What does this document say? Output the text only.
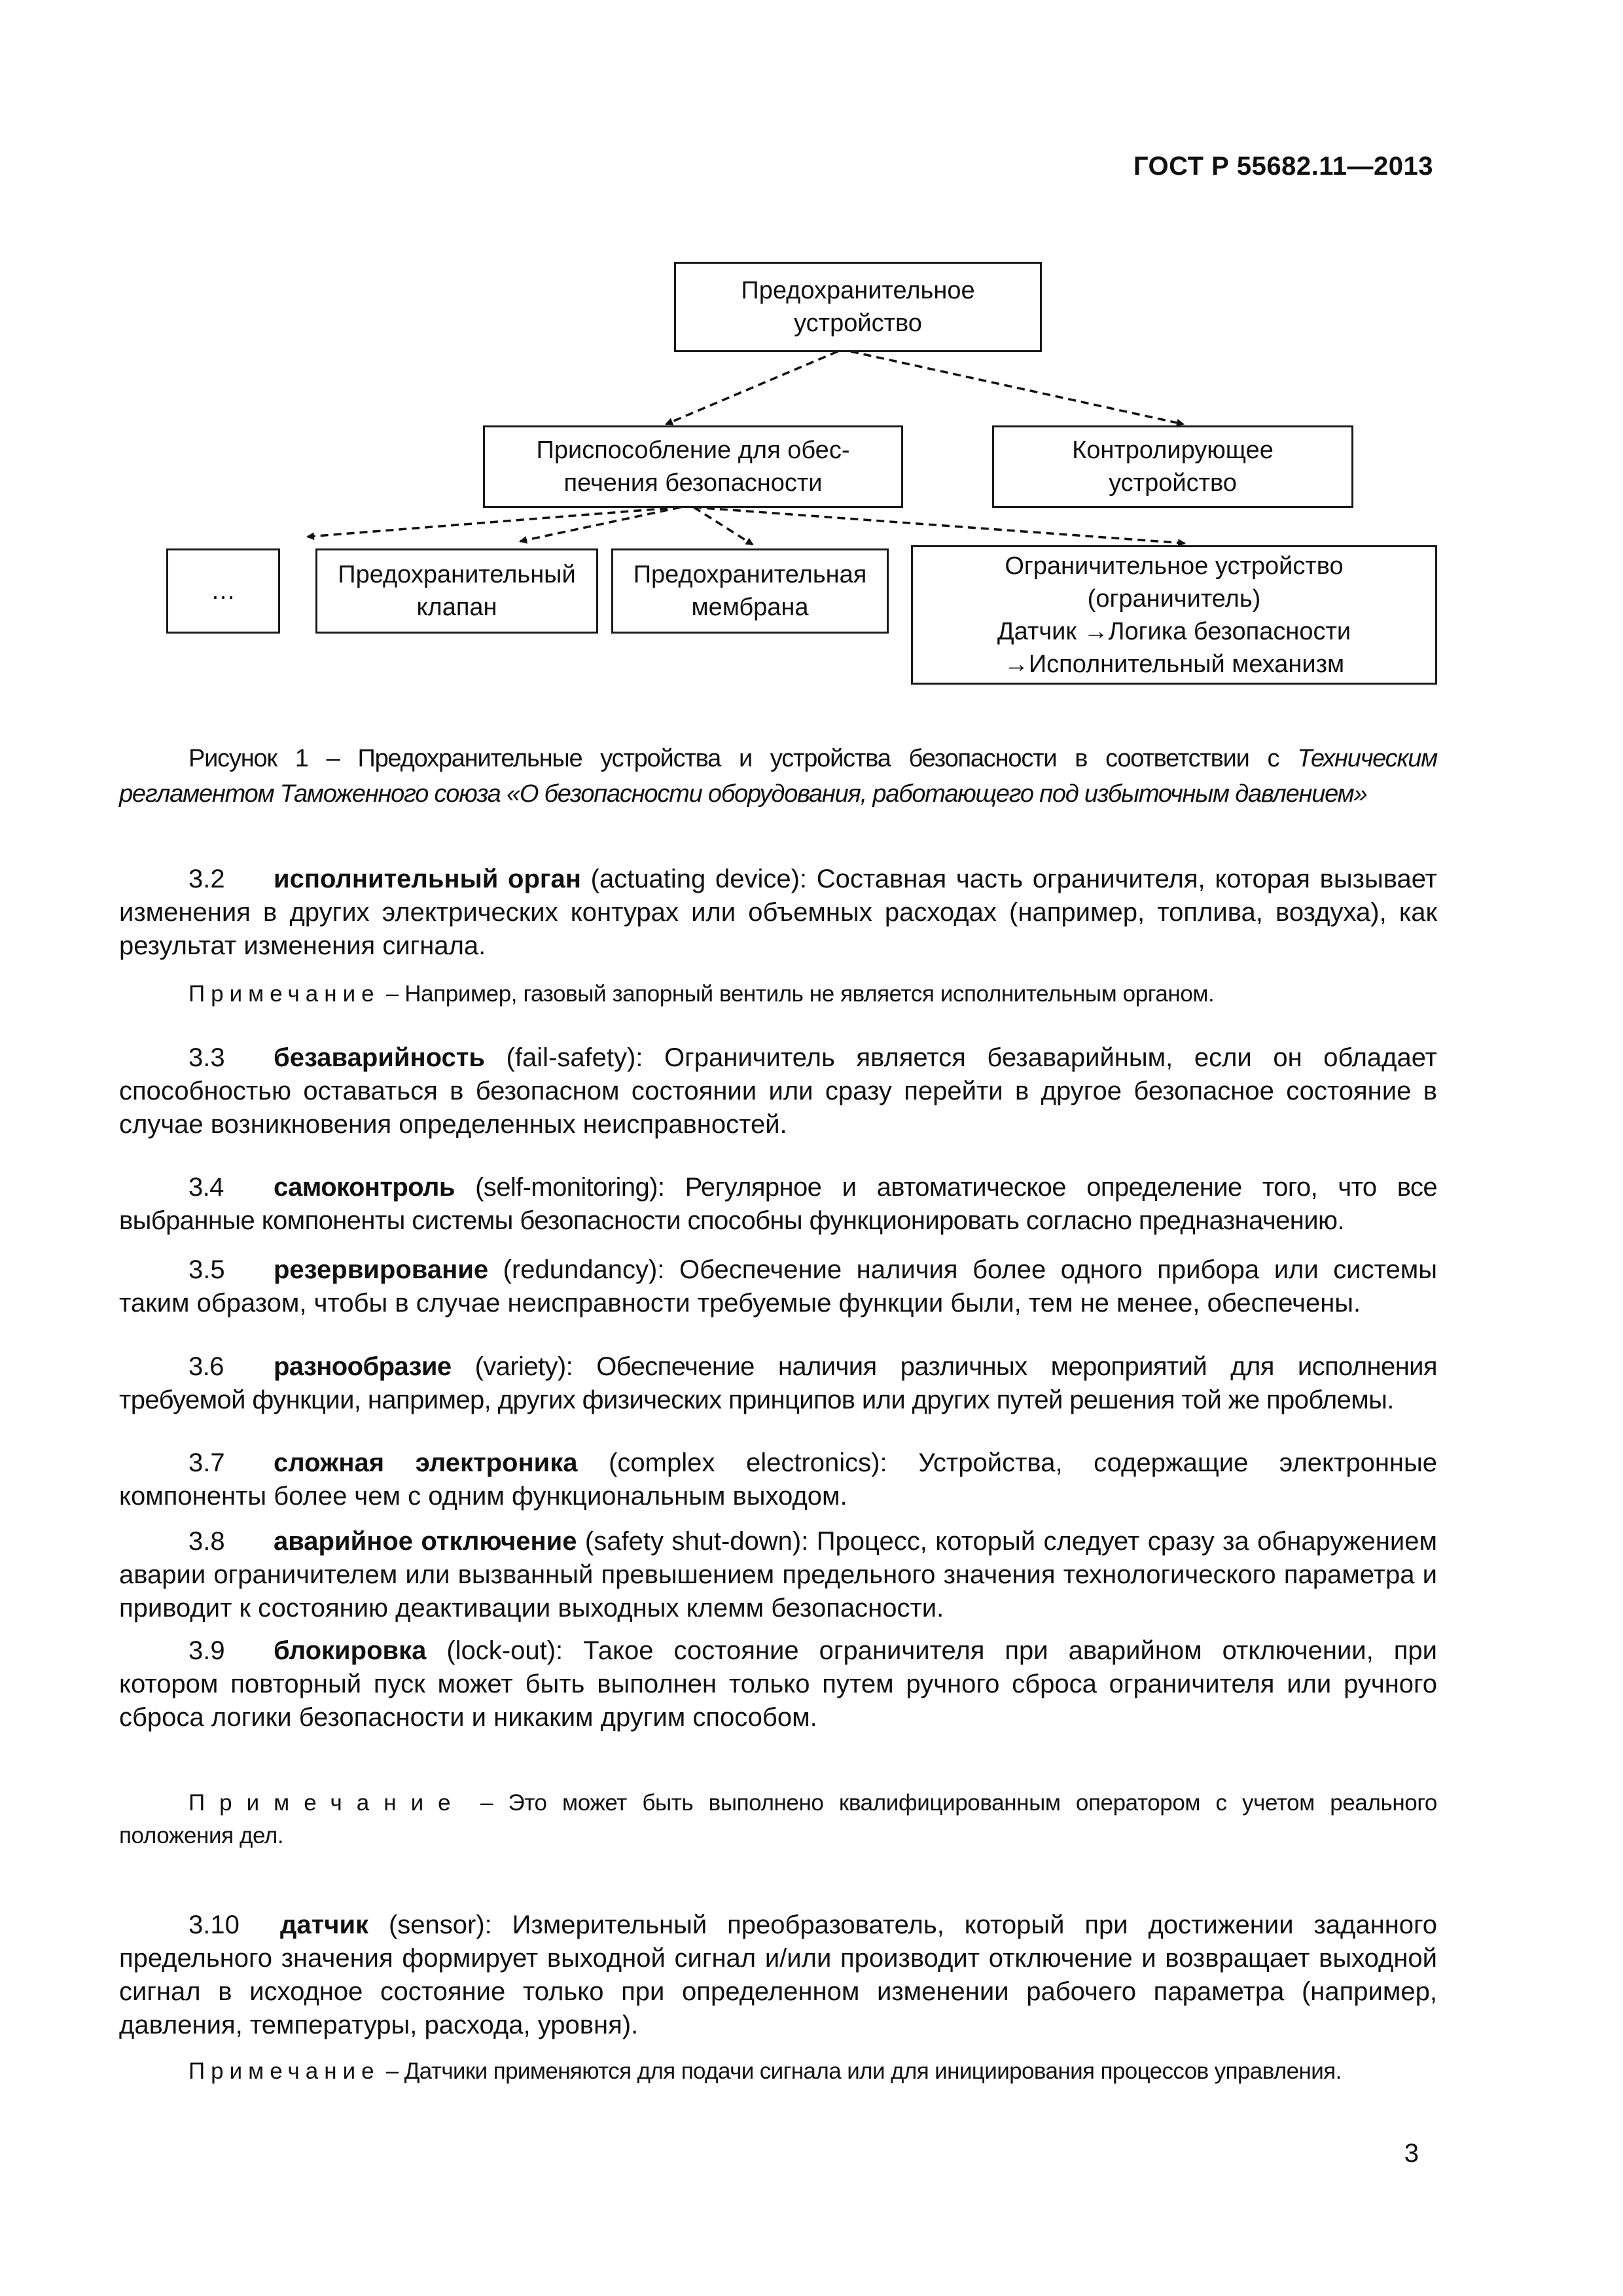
ГОСТ Р 55682.11—2013
Предохранительное
устройство
Приспособление для обес-
печения безопасности
Контролирующее
устройство
…
Предохранительный
клапан
Предохранительная
мембрана
Ограничительное устройство
(ограничитель)
Датчик →Логика безопасности
→Исполнительный механизм
Рисунок 1 – Предохранительные устройства и устройства безопасности в соответствии с Техническим регламентом Таможенного союза «О безопасности оборудования, работающего под избыточным давлением»
3.2 исполнительный орган (actuating device): Составная часть ограничителя, которая вызывает изменения в других электрических контурах или объемных расходах (например, топлива, воздуха), как результат изменения сигнала.
Примечание – Например, газовый запорный вентиль не является исполнительным органом.
3.3 безаварийность (fail-safety): Ограничитель является безаварийным, если он обладает способностью оставаться в безопасном состоянии или сразу перейти в другое безопасное состояние в случае возникновения определенных неисправностей.
3.4 самоконтроль (self-monitoring): Регулярное и автоматическое определение того, что все выбранные компоненты системы безопасности способны функционировать согласно предназначению.
3.5 резервирование (redundancy): Обеспечение наличия более одного прибора или системы таким образом, чтобы в случае неисправности требуемые функции были, тем не менее, обеспечены.
3.6 разнообразие (variety): Обеспечение наличия различных мероприятий для исполнения требуемой функции, например, других физических принципов или других путей решения той же проблемы.
3.7 сложная электроника (complex electronics): Устройства, содержащие электронные компоненты более чем с одним функциональным выходом.
3.8 аварийное отключение (safety shut-down): Процесс, который следует сразу за обнаружением аварии ограничителем или вызванный превышением предельного значения технологического параметра и приводит к состоянию деактивации выходных клемм безопасности.
3.9 блокировка (lock-out): Такое состояние ограничителя при аварийном отключении, при котором повторный пуск может быть выполнен только путем ручного сброса ограничителя или ручного сброса логики безопасности и никаким другим способом.
Примечание – Это может быть выполнено квалифицированным оператором с учетом реального положения дел.
3.10 датчик (sensor): Измерительный преобразователь, который при достижении заданного предельного значения формирует выходной сигнал и/или производит отключение и возвращает выходной сигнал в исходное состояние только при определенном изменении рабочего параметра (например, давления, температуры, расхода, уровня).
Примечание – Датчики применяются для подачи сигнала или для инициирования процессов управления.
3
